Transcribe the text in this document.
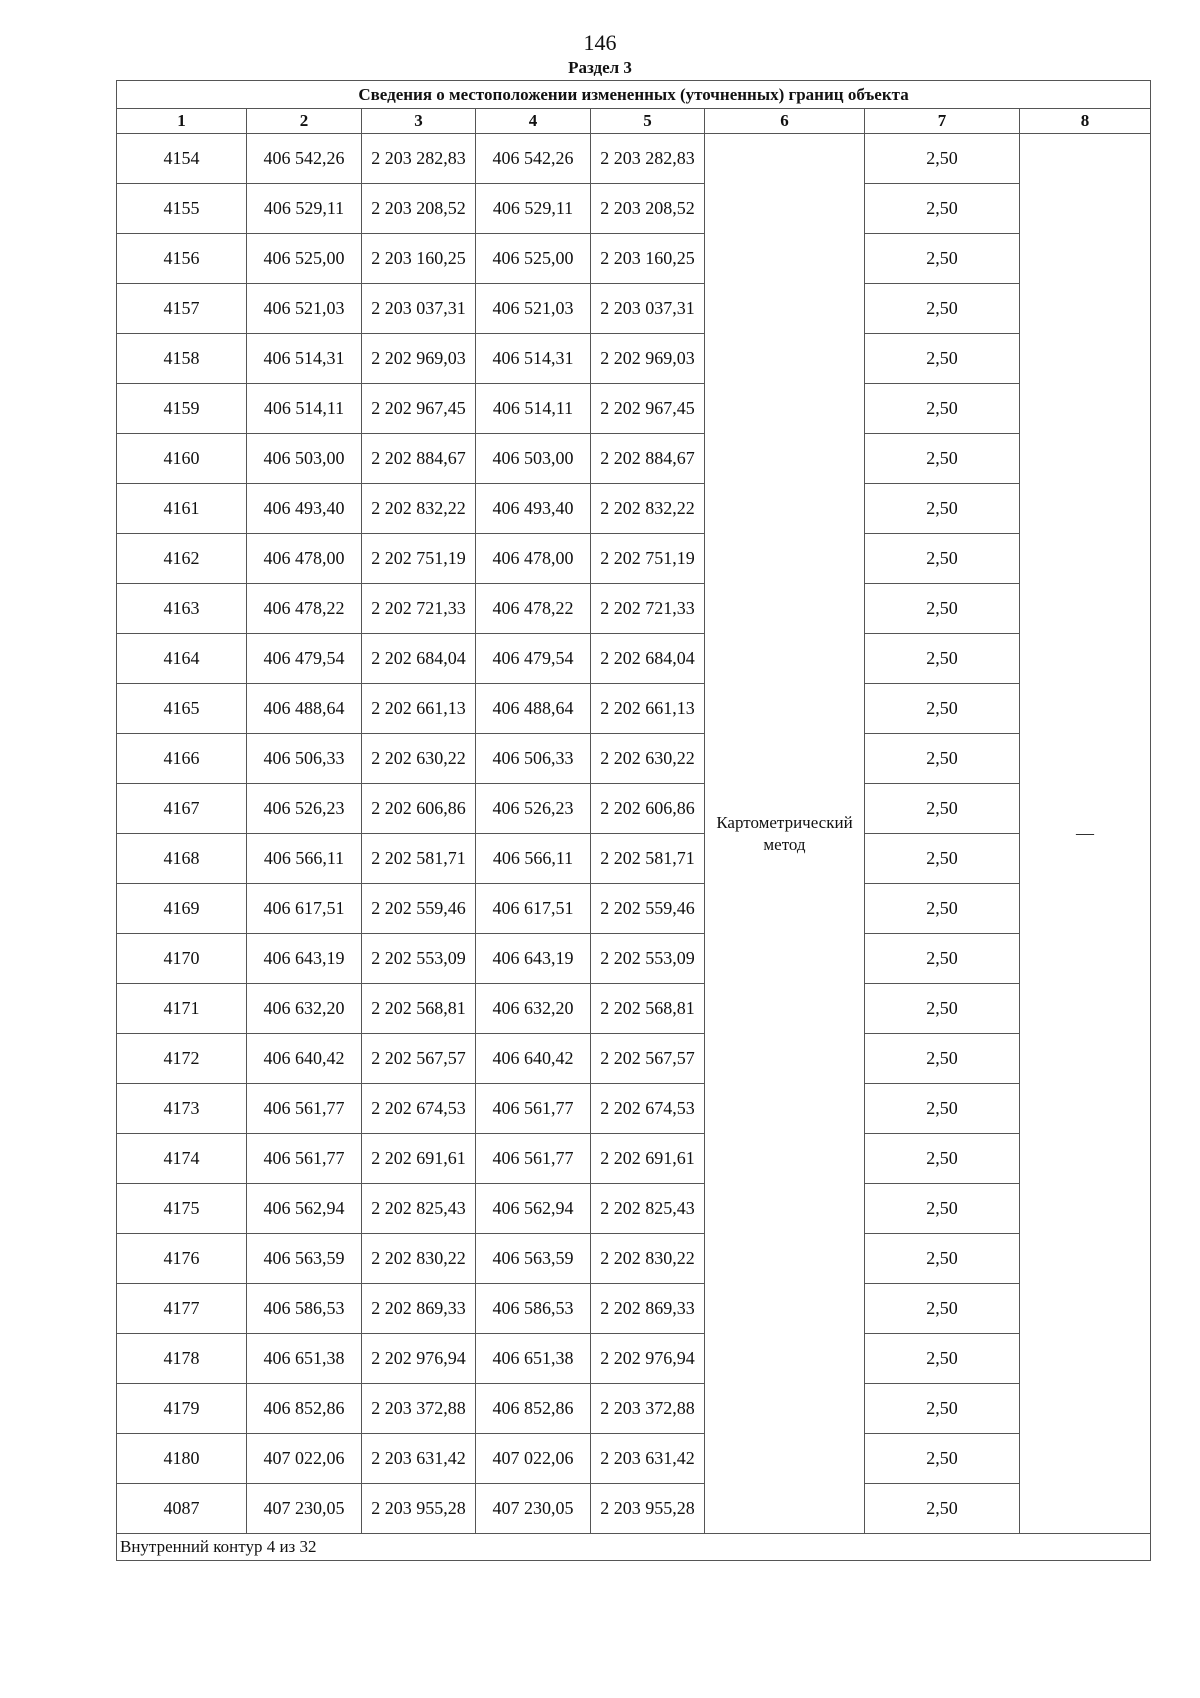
146
Раздел 3
Сведения о местоположении измененных (уточненных) границ объекта							
1	2	3	4	5	6	7	8
4154	406 542,26	2 203 282,83	406 542,26	2 203 282,83	Картометрический метод	2,50	—
4155	406 529,11	2 203 208,52	406 529,11	2 203 208,52		2,50	
4156	406 525,00	2 203 160,25	406 525,00	2 203 160,25		2,50	
4157	406 521,03	2 203 037,31	406 521,03	2 203 037,31		2,50	
4158	406 514,31	2 202 969,03	406 514,31	2 202 969,03		2,50	
4159	406 514,11	2 202 967,45	406 514,11	2 202 967,45		2,50	
4160	406 503,00	2 202 884,67	406 503,00	2 202 884,67		2,50	
4161	406 493,40	2 202 832,22	406 493,40	2 202 832,22		2,50	
4162	406 478,00	2 202 751,19	406 478,00	2 202 751,19		2,50	
4163	406 478,22	2 202 721,33	406 478,22	2 202 721,33		2,50	
4164	406 479,54	2 202 684,04	406 479,54	2 202 684,04		2,50	
4165	406 488,64	2 202 661,13	406 488,64	2 202 661,13		2,50	
4166	406 506,33	2 202 630,22	406 506,33	2 202 630,22		2,50	
4167	406 526,23	2 202 606,86	406 526,23	2 202 606,86		2,50	
4168	406 566,11	2 202 581,71	406 566,11	2 202 581,71		2,50	
4169	406 617,51	2 202 559,46	406 617,51	2 202 559,46		2,50	
4170	406 643,19	2 202 553,09	406 643,19	2 202 553,09		2,50	
4171	406 632,20	2 202 568,81	406 632,20	2 202 568,81		2,50	
4172	406 640,42	2 202 567,57	406 640,42	2 202 567,57		2,50	
4173	406 561,77	2 202 674,53	406 561,77	2 202 674,53		2,50	
4174	406 561,77	2 202 691,61	406 561,77	2 202 691,61		2,50	
4175	406 562,94	2 202 825,43	406 562,94	2 202 825,43		2,50	
4176	406 563,59	2 202 830,22	406 563,59	2 202 830,22		2,50	
4177	406 586,53	2 202 869,33	406 586,53	2 202 869,33		2,50	
4178	406 651,38	2 202 976,94	406 651,38	2 202 976,94		2,50	
4179	406 852,86	2 203 372,88	406 852,86	2 203 372,88		2,50	
4180	407 022,06	2 203 631,42	407 022,06	2 203 631,42		2,50	
4087	407 230,05	2 203 955,28	407 230,05	2 203 955,28		2,50	
Внутренний контур 4 из 32							
